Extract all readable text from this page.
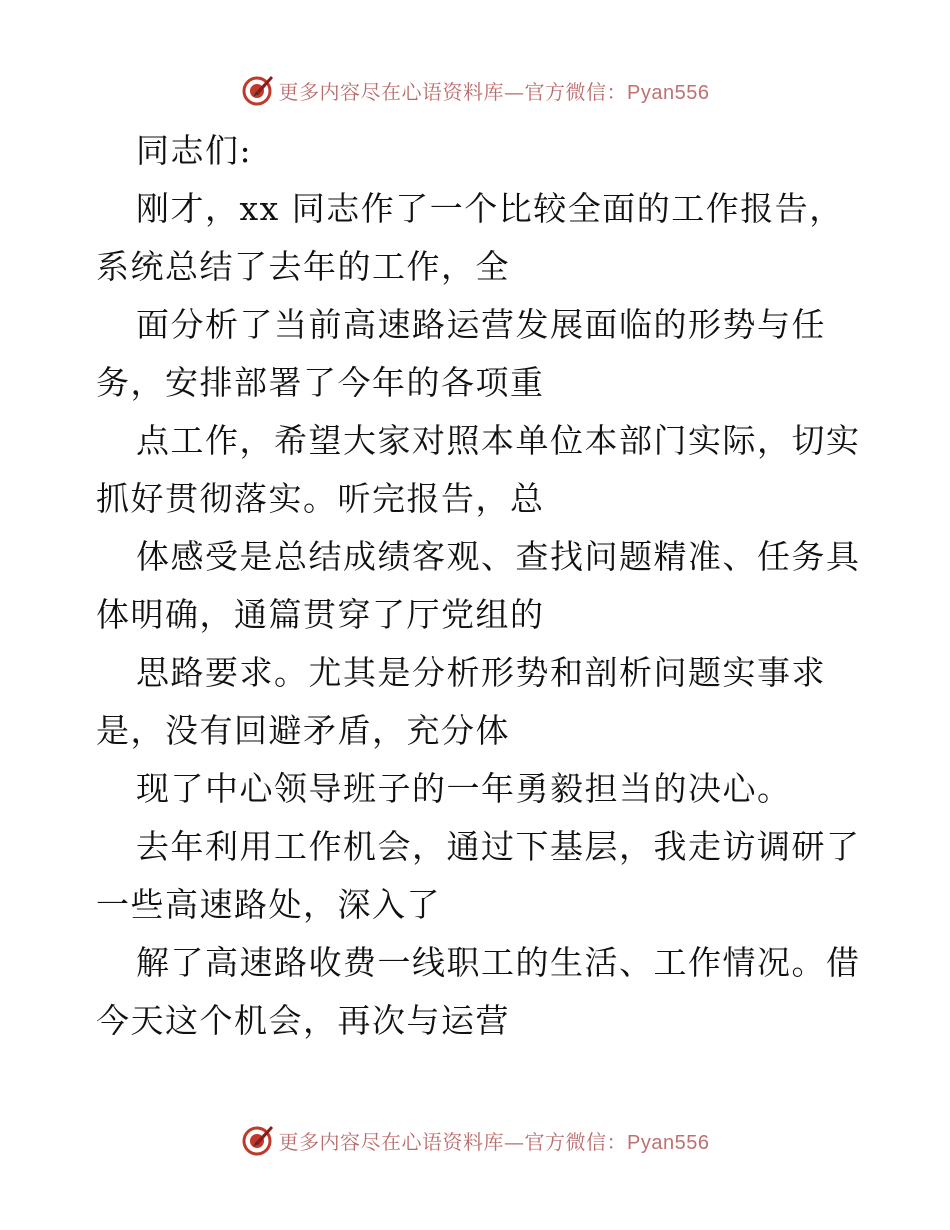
更多内容尽在心语资料库—官方微信：Pyan556
同志们:
刚才，xx 同志作了一个比较全面的工作报告，
系统总结了去年的工作，全
面分析了当前高速路运营发展面临的形势与任
务，安排部署了今年的各项重
点工作，希望大家对照本单位本部门实际，切实
抓好贯彻落实。听完报告，总
体感受是总结成绩客观、查找问题精准、任务具
体明确，通篇贯穿了厅党组的
思路要求。尤其是分析形势和剖析问题实事求
是，没有回避矛盾，充分体
现了中心领导班子的一年勇毅担当的决心。
去年利用工作机会，通过下基层，我走访调研了
一些高速路处，深入了
解了高速路收费一线职工的生活、工作情况。借
今天这个机会，再次与运营
更多内容尽在心语资料库—官方微信：Pyan556
